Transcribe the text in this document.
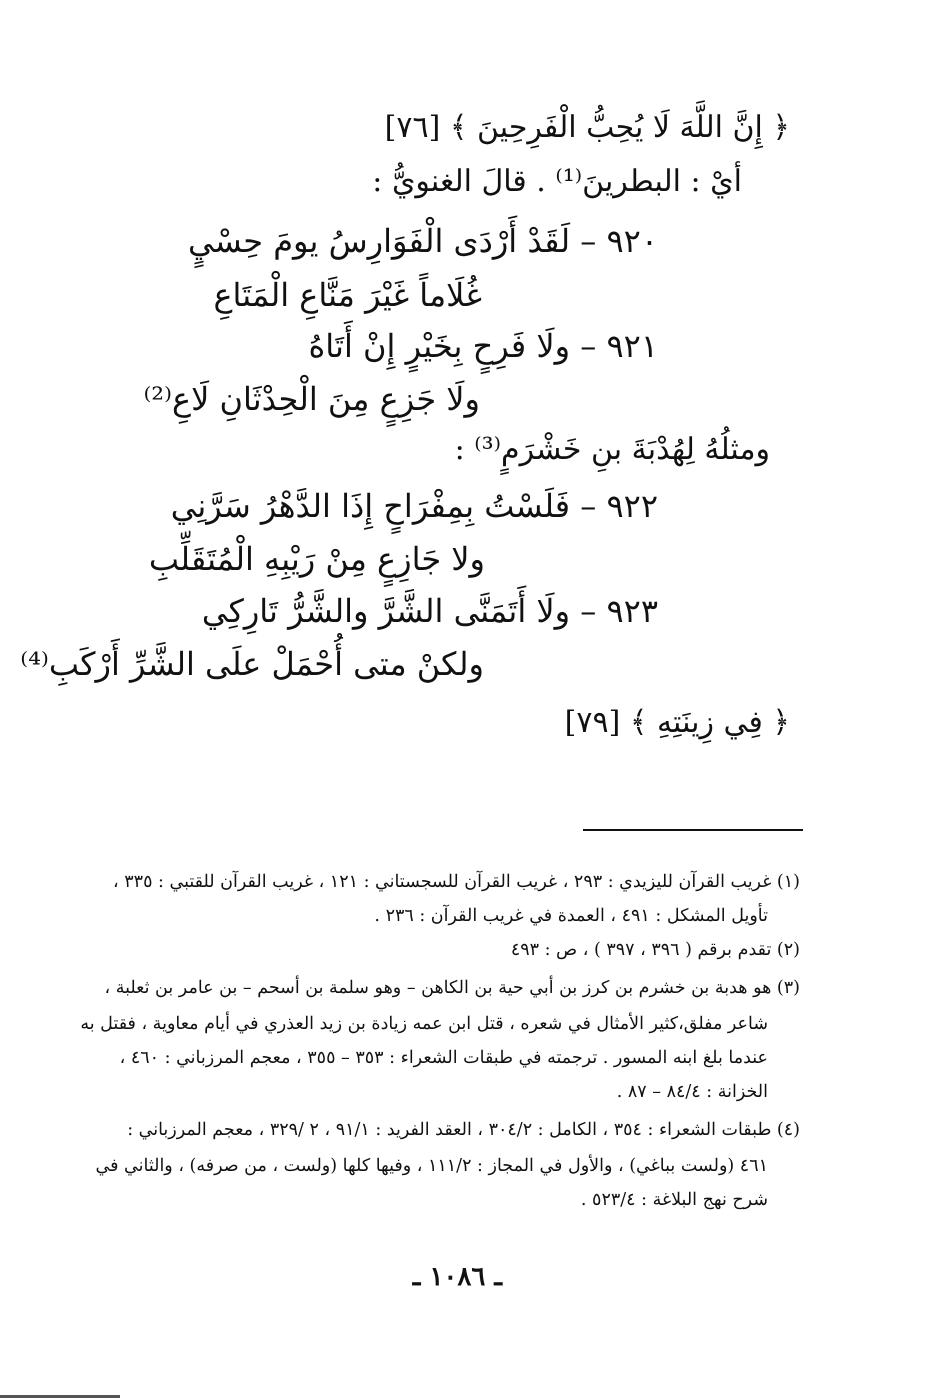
﴿ إِنَّ اللَّهَ لَا يُحِبُّ الْفَرِحِينَ ﴾ [٧٦]
أيْ : البطرينَ⁽¹⁾ . قالَ الغنويُّ :
٩٢٠ – لَقَدْ أَرْدَى الْفَوَارِسُ يومَ حِسْيٍ
غُلَاماً غَيْرَ مَنَّاعِ الْمَتَاعِ
٩٢١ – ولَا فَرِحٍ بِخَيْرٍ إِنْ أَتَاهُ
ولَا جَزِعٍ مِنَ الْحِدْثَانِ لَاعِ⁽²⁾
ومثلُهُ لِهُدْبَةَ بنِ خَشْرَمٍ⁽³⁾ :
٩٢٢ – فَلَسْتُ بِمِفْرَاحٍ إِذَا الدَّهْرُ سَرَّنِي
ولا جَازِعٍ مِنْ رَيْبِهِ الْمُتَقَلِّبِ
٩٢٣ – ولَا أَتَمَنَّى الشَّرَّ والشَّرُّ تَارِكِي
ولكنْ متى أُحْمَلْ علَى الشَّرِّ أَرْكَبِ⁽⁴⁾
﴿ فِي زِينَتِهِ ﴾ [٧٩]
(١) غريب القرآن لليزيدي : ٢٩٣ ، غريب القرآن للسجستاني : ١٢١ ، غريب القرآن للقتبي : ٣٣٥ ،
تأويل المشكل : ٤٩١ ، العمدة في غريب القرآن : ٢٣٦ .
(٢) تقدم برقم ( ٣٩٦ ، ٣٩٧ ) ، ص : ٤٩٣
(٣) هو هدبة بن خشرم بن كرز بن أبي حية بن الكاهن – وهو سلمة بن أسحم – بن عامر بن ثعلبة ،
شاعر مفلق،كثير الأمثال في شعره ، قتل ابن عمه زيادة بن زيد العذري في أيام معاوية ، فقتل به
عندما بلغ ابنه المسور . ترجمته في طبقات الشعراء : ٣٥٣ – ٣٥٥ ، معجم المرزباني : ٤٦٠ ،
الخزانة : ٨٤/٤ – ٨٧ .
(٤) طبقات الشعراء : ٣٥٤ ، الكامل : ٣٠٤/٢ ، العقد الفريد : ٩١/١ ، ٢ /٣٢٩ ، معجم المرزباني :
٤٦١ (ولست بباغي) ، والأول في المجاز : ١١١/٢ ، وفيها كلها (ولست ، من صرفه) ، والثاني في
شرح نهج البلاغة : ٥٢٣/٤ .
ـ ١٠٨٦ ـ
